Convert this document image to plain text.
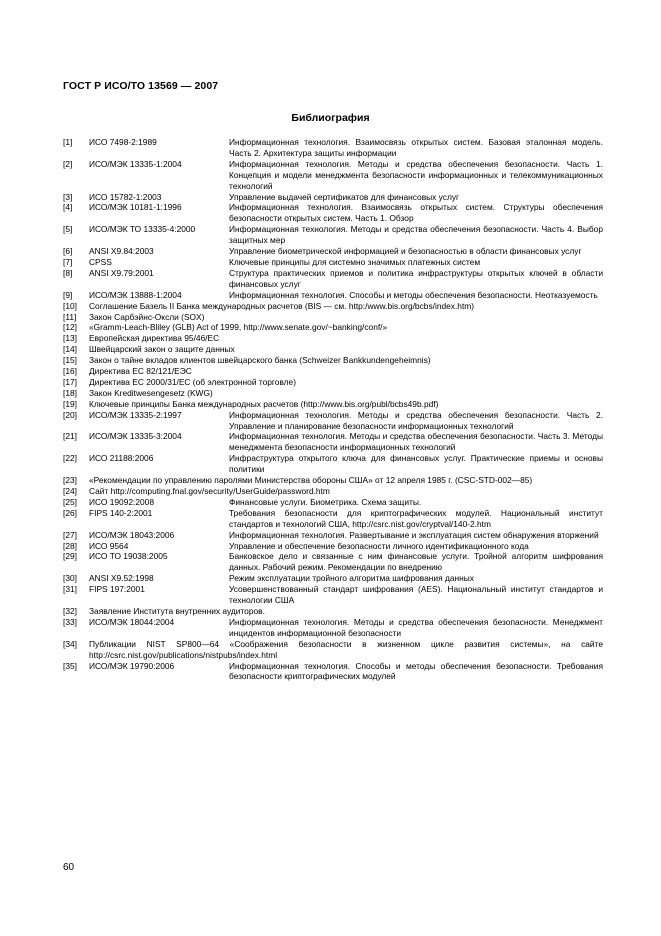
ГОСТ Р ИСО/ТО 13569 — 2007
Библиография
[1]	ИСО 7498-2:1989	Информационная технология. Взаимосвязь открытых систем. Базовая эталонная модель. Часть 2. Архитектура защиты информации
[2]	ИСО/МЭК 13335-1:2004	Информационная технология. Методы и средства обеспечения безопасности. Часть 1. Концепция и модели менеджмента безопасности информационных и телекоммуникационных технологий
[3]	ИСО 15782-1:2003	Управление выдачей сертификатов для финансовых услуг
[4]	ИСО/МЭК 10181-1:1996	Информационная технология. Взаимосвязь открытых систем. Структуры обеспечения безопасности открытых систем. Часть 1. Обзор
[5]	ИСО/МЭК ТО 13335-4:2000	Информационная технология. Методы и средства обеспечения безопасности. Часть 4. Выбор защитных мер
[6]	ANSI X9.84:2003	Управление биометрической информацией и безопасностью в области финансовых услуг
[7]	CPSS	Ключевые принципы для системно значимых платежных систем
[8]	ANSI X9.79:2001	Структура практических приемов и политика инфраструктуры открытых ключей в области финансовых услуг
[9]	ИСО/МЭК 13888-1:2004	Информационная технология. Способы и методы обеспечения безопасности. Неотказуемость
[10]	Соглашение Базель II Банка международных расчетов (BIS — см. http:/www.bis.org/bcbs/index.htm)
[11]	Закон Сарбэйнс-Оксли (SOX)
[12]	«Gramm-Leach-Bliley (GLB) Act of 1999, http://www.senate.gov/~banking/conf/»
[13]	Европейская директива 95/46/ЕС
[14]	Швейцарский закон о защите данных
[15]	Закон о тайне вкладов клиентов швейцарского банка (Schweizer Bankkundengeheimnis)
[16]	Директива ЕС 82/121/ЕЭС
[17]	Директива ЕС 2000/31/ЕС (об электронной торговле)
[18]	Закон Kreditwesengesetz (KWG)
[19]	Ключевые принципы Банка международных расчетов (http://www.bis.org/publ/bcbs49b.pdf)
[20]	ИСО/МЭК 13335-2:1997	Информационная технология. Методы и средства обеспечения безопасности. Часть 2. Управление и планирование безопасности информационных технологий
[21]	ИСО/МЭК 13335-3:2004	Информационная технология. Методы и средства обеспечения безопасности. Часть 3. Методы менеджмента безопасности информационных технологий
[22]	ИСО 21188:2006	Инфраструктура открытого ключа для финансовых услуг. Практические приемы и основы политики
[23]	«Рекомендации по управлению паролями Министерства обороны США» от 12 апреля 1985 г. (CSC-STD-002—85)
[24]	Сайт http://computing.fnal.gov/security/UserGuide/password.htm
[25]	ИСО 19092:2008	Финансовые услуги. Биометрика. Схема защиты.
[26]	FIPS 140-2:2001	Требования безопасности для криптографических модулей. Национальный институт стандартов и технологий США, http://csrc.nist.gov/cryptval/140-2.htm
[27]	ИСО/МЭК 18043:2006	Информационная технология. Развертывание и эксплуатация систем обнаружения вторжений
[28]	ИСО 9564	Управление и обеспечение безопасности личного идентификационного кода
[29]	ИСО ТО 19038:2005	Банковское дело и связанные с ним финансовые услуги. Тройной алгоритм шифрования данных. Рабочий режим. Рекомендации по внедрению
[30]	ANSI X9.52:1998	Режим эксплуатации тройного алгоритма шифрования данных
[31]	FIPS 197:2001	Усовершенствованный стандарт шифрования (AES). Национальный институт стандартов и технологии США
[32]	Заявление Института внутренних аудиторов.
[33]	ИСО/МЭК 18044:2004	Информационная технология. Методы и средства обеспечения безопасности. Менеджмент инцидентов информационной безопасности
[34]	Публикации NIST SP800—64 «Соображения безопасности в жизненном цикле развития системы», на сайте http://csrc.nist.gov/publications/nistpubs/index.html
[35]	ИСО/МЭК 19790:2006	Информационная технология. Способы и методы обеспечения безопасности. Требования безопасности криптографических модулей
60
